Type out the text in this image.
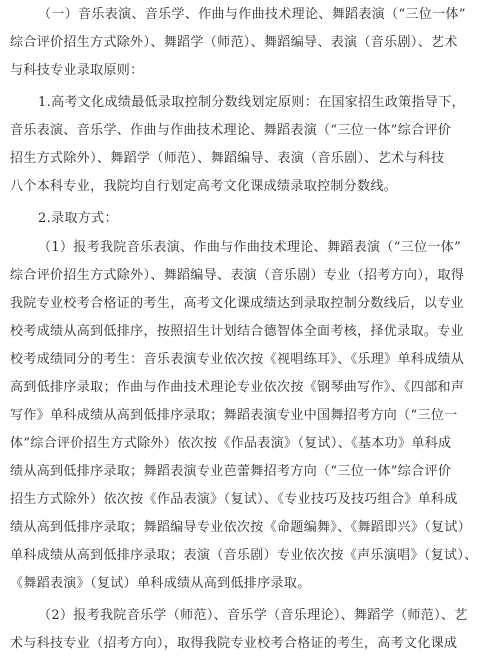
（一）音乐表演、音乐学、作曲与作曲技术理论、舞蹈表演（“三位一体”
综合评价招生方式除外）、舞蹈学（师范）、舞蹈编导、表演（音乐剧）、艺术
与科技专业录取原则：
1.高考文化成绩最低录取控制分数线划定原则：在国家招生政策指导下，
音乐表演、音乐学、作曲与作曲技术理论、舞蹈表演（“三位一体”综合评价
招生方式除外）、舞蹈学（师范）、舞蹈编导、表演（音乐剧）、艺术与科技
八个本科专业，我院均自行划定高考文化课成绩录取控制分数线。
2.录取方式：
（1）报考我院音乐表演、作曲与作曲技术理论、舞蹈表演（“三位一体”
综合评价招生方式除外）、舞蹈编导、表演（音乐剧）专业（招考方向），取得
我院专业校考合格证的考生，高考文化课成绩达到录取控制分数线后，以专业
校考成绩从高到低排序，按照招生计划结合德智体全面考核，择优录取。专业
校考成绩同分的考生：音乐表演专业依次按《视唱练耳》、《乐理》单科成绩从
高到低排序录取；作曲与作曲技术理论专业依次按《钢琴曲写作》、《四部和声
写作》单科成绩从高到低排序录取；舞蹈表演专业中国舞招考方向（“三位一
体”综合评价招生方式除外）依次按《作品表演》（复试）、《基本功》单科成
绩从高到低排序录取；舞蹈表演专业芭蕾舞招考方向（“三位一体”综合评价
招生方式除外）依次按《作品表演》（复试）、《专业技巧及技巧组合》单科成
绩从高到低排序录取；舞蹈编导专业依次按《命题编舞》、《舞蹈即兴》（复试）
单科成绩从高到低排序录取；表演（音乐剧）专业依次按《声乐演唱》（复试）、
《舞蹈表演》（复试）单科成绩从高到低排序录取。
（2）报考我院音乐学（师范）、音乐学（音乐理论）、舞蹈学（师范）、艺
术与科技专业（招考方向），取得我院专业校考合格证的考生，高考文化课成
